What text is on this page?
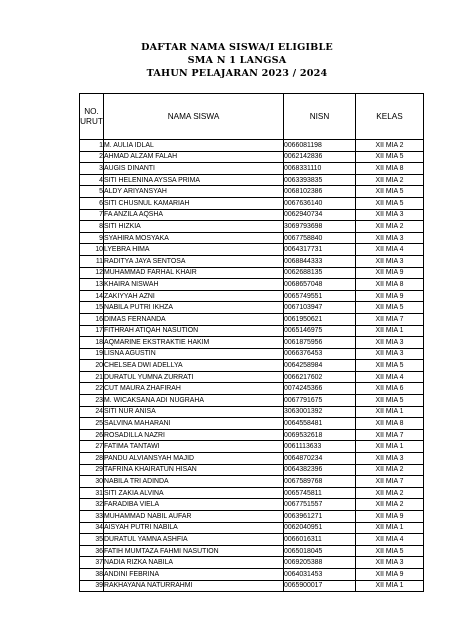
DAFTAR NAMA SISWA/I ELIGIBLE
SMA N 1 LANGSA
TAHUN PELAJARAN 2023 / 2024
NO.
URUT	NAMA SISWA	NISN	KELAS
1	M. AULIA IDLAL	0066081198	XII MIA 2
2	AHMAD ALZAM FALAH	0062142836	XII MIA 5
3	AUGIS DINANTI	0068331110	XII MIA 8
4	SITI HELENINA AYSSA PRIMA	0063393835	XII MIA 2
5	ALDY ARIYANSYAH	0068102386	XII MIA 5
6	SITI CHUSNUL KAMARIAH	0067636140	XII MIA 5
7	FA ANZILA AQSHA	0062940734	XII MIA 3
8	SITI HIZKIA	3069793698	XII MIA 2
9	SYAHIRA MOSYAKA	0067758840	XII MIA 3
10	LYEBRA HIMA	0064317731	XII MIA 4
11	RADITYA JAYA SENTOSA	0068844333	XII MIA 3
12	MUHAMMAD FARHAL KHAIR	0062688135	XII MIA 9
13	KHAIRA NISWAH	0068657048	XII MIA 8
14	ZAKIYYAH AZNI	0065749551	XII MIA 9
15	NABILA PUTRI IKHZA	0067103947	XII MIA 5
16	DIMAS FERNANDA	0061950621	XII MIA 7
17	FITHRAH ATIQAH NASUTION	0065146975	XII MIA 1
18	AQMARINE EKSTRAKTIE HAKIM	0061875956	XII MIA 3
19	LISNA AGUSTIN	0066376453	XII MIA 3
20	CHELSEA DWI ADELLYA	0064258984	XII MIA 5
21	DURATUL YUMNA ZURRATI	0066217602	XII MIA 4
22	CUT MAURA ZHAFIRAH	0074245366	XII MIA 6
23	M. WICAKSANA ADI NUGRAHA	0067791675	XII MIA 5
24	SITI NUR ANISA	3063001392	XII MIA 1
25	SALVINA MAHARANI	0064558481	XII MIA 8
26	ROSADILLA NAZRI	0069532618	XII MIA 7
27	FATIMA TANTAWI	0061113633	XII MIA 1
28	PANDU ALVIANSYAH MAJID	0064870234	XII MIA 3
29	TAFRINA KHAIRATUN HISAN	0064382396	XII MIA 2
30	NABILA TRI ADINDA	0067589768	XII MIA 7
31	SITI ZAKIA ALVINA	0065745811	XII MIA 2
32	FARADIBA VIELA	0067751557	XII MIA 2
33	MUHAMMAD NABIL AUFAR	0063961271	XII MIA 9
34	AISYAH PUTRI NABILA	0062040951	XII MIA 1
35	DURATUL YAMNA ASHFIA	0066016311	XII MIA 4
36	FATIH MUMTAZA FAHMI NASUTION	0065018045	XII MIA 5
37	NADIA RIZKA NABILA	0069205388	XII MIA 3
38	ANDINI FEBRINA	0064031453	XII MIA 9
39	RAKHAYANA NATURRAHMI	0065900017	XII MIA 1
